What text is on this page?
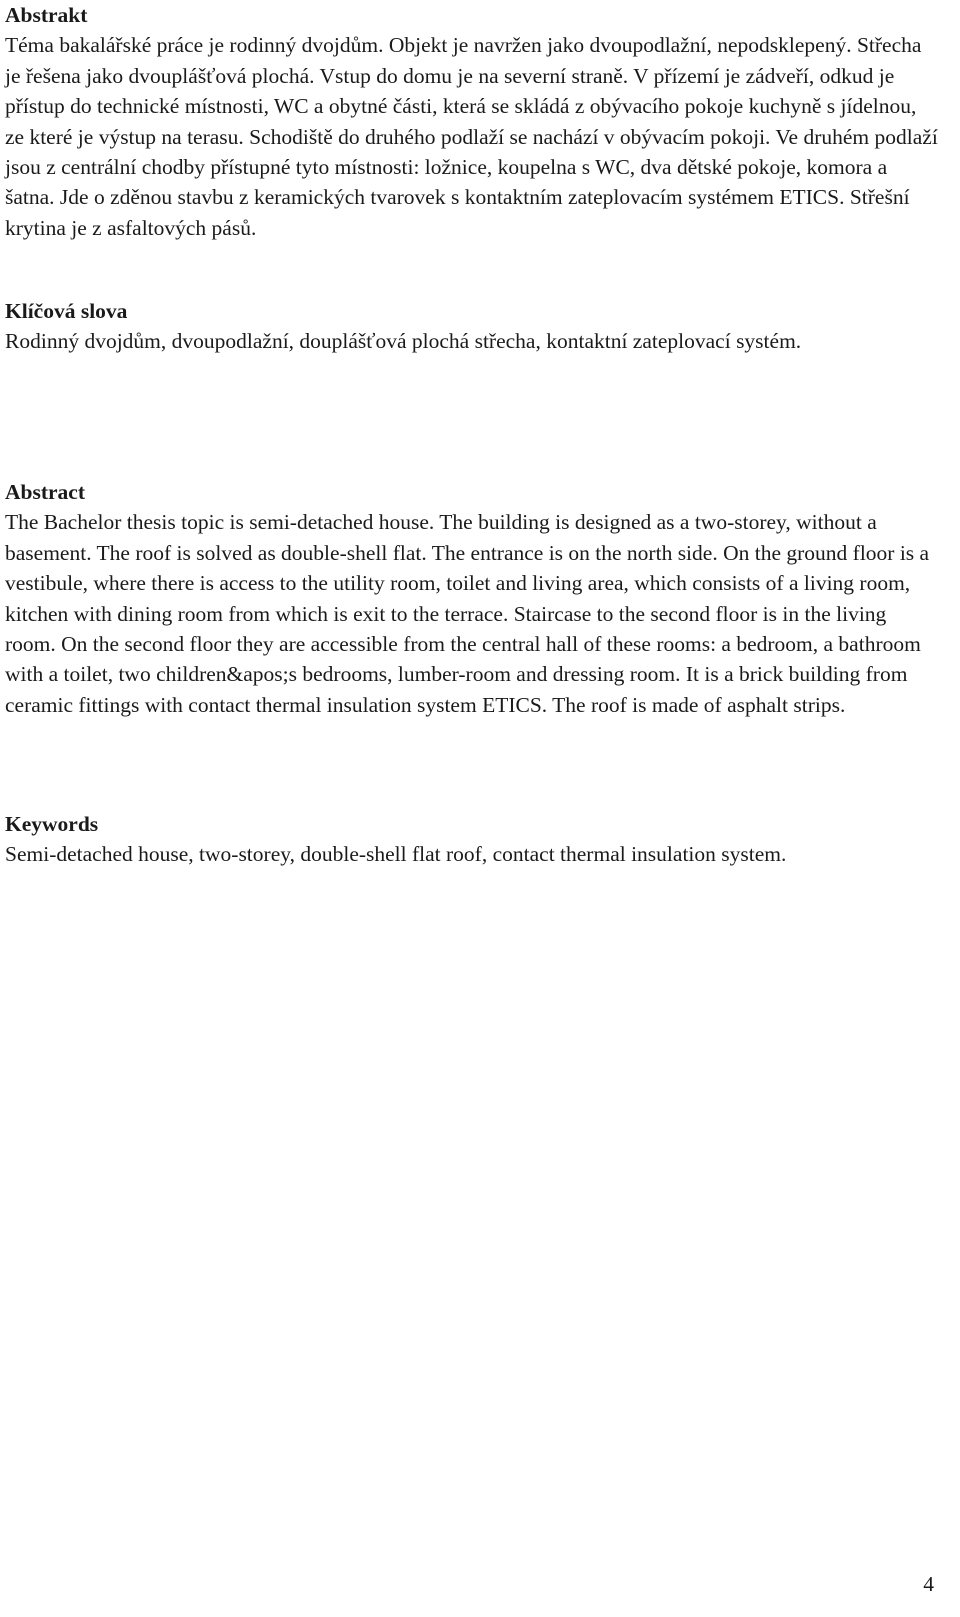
Abstrakt

Téma bakalářské práce je rodinný dvojdům. Objekt je navržen jako dvoupodlažní, nepodsklepený. Střecha je řešena jako dvouplášťová plochá. Vstup do domu je na severní straně. V přízemí je zádveří, odkud je přístup do technické místnosti, WC a obytné části, která se skládá z obývacího pokoje kuchyně s jídelnou, ze které je výstup na terasu. Schodiště do druhého podlaží se nachází v obývacím pokoji. Ve druhém podlaží jsou z centrální chodby přístupné tyto místnosti: ložnice, koupelna s WC, dva dětské pokoje, komora a šatna. Jde o zděnou stavbu z keramických tvarovek s kontaktním zateplovacím systémem ETICS. Střešní krytina je z asfaltových pásů.

Klíčová slova

Rodinný dvojdům, dvoupodlažní, douplášťová plochá střecha, kontaktní zateplovací systém.

Abstract

The Bachelor thesis topic is semi-detached house. The building is designed as a two-storey, without a basement. The roof is solved as double-shell flat. The entrance is on the north side. On the ground floor is a vestibule, where there is access to the utility room, toilet and living area, which consists of a living room, kitchen with dining room from which is exit to the terrace. Staircase to the second floor is in the living room. On the second floor they are accessible from the central hall of these rooms: a bedroom, a bathroom with a toilet, two children&apos;s bedrooms, lumber-room and dressing room. It is a brick building from ceramic fittings with contact thermal insulation system ETICS. The roof is made of asphalt strips.

Keywords

Semi-detached house, two-storey, double-shell flat roof, contact thermal insulation system.

4
